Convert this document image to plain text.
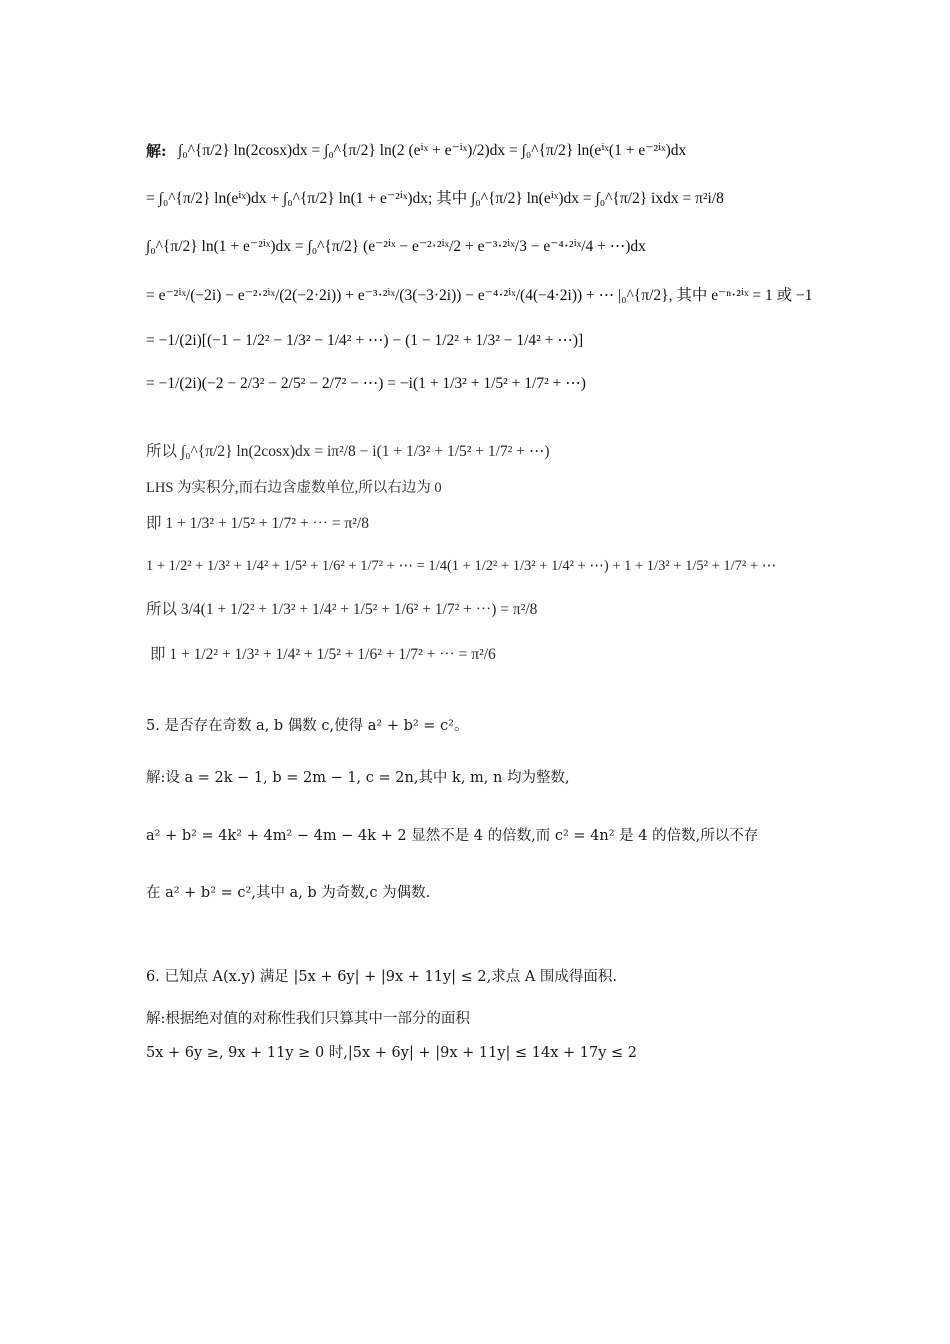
解: ∫₀^{π/2} ln(2cosx)dx = ∫₀^{π/2} ln(2 (eⁱˣ + e⁻ⁱˣ)/2)dx = ∫₀^{π/2} ln(eⁱˣ(1 + e⁻²ⁱˣ)dx
= ∫₀^{π/2} ln(eⁱˣ)dx + ∫₀^{π/2} ln(1 + e⁻²ⁱˣ)dx; 其中 ∫₀^{π/2} ln(eⁱˣ)dx = ∫₀^{π/2} ixdx = π²i/8
∫₀^{π/2} ln(1 + e⁻²ⁱˣ)dx = ∫₀^{π/2} (e⁻²ⁱˣ − e⁻²·²ⁱˣ/2 + e⁻³·²ⁱˣ/3 − e⁻⁴·²ⁱˣ/4 + ⋯)dx
= e⁻²ⁱˣ/(−2i) − e⁻²·²ⁱˣ/(2(−2·2i)) + e⁻³·²ⁱˣ/(3(−3·2i)) − e⁻⁴·²ⁱˣ/(4(−4·2i)) + ⋯ |₀^{π/2}, 其中 e⁻ⁿ·²ⁱˣ = 1 或 −1
= −1/(2i)[(−1 − 1/2² − 1/3² − 1/4² + ⋯) − (1 − 1/2² + 1/3² − 1/4² + ⋯)]
= −1/(2i)(−2 − 2/3² − 2/5² − 2/7² − ⋯) = −i(1 + 1/3² + 1/5² + 1/7² + ⋯)
所以 ∫₀^{π/2} ln(2cosx)dx = iπ²/8 − i(1 + 1/3² + 1/5² + 1/7² + ⋯)
LHS 为实积分,而右边含虚数单位,所以右边为 0
即 1 + 1/3² + 1/5² + 1/7² + ⋯ = π²/8
1 + 1/2² + 1/3² + 1/4² + 1/5² + 1/6² + 1/7² + ⋯ = 1/4(1 + 1/2² + 1/3² + 1/4² + ⋯) + 1 + 1/3² + 1/5² + 1/7² + ⋯
所以 3/4(1 + 1/2² + 1/3² + 1/4² + 1/5² + 1/6² + 1/7² + ⋯) = π²/8
即 1 + 1/2² + 1/3² + 1/4² + 1/5² + 1/6² + 1/7² + ⋯ = π²/6
5. 是否存在奇数 a, b 偶数 c,使得 a² + b² = c²。
解:设 a = 2k − 1, b = 2m − 1, c = 2n,其中 k, m, n 均为整数,
a² + b² = 4k² + 4m² − 4m − 4k + 2 显然不是 4 的倍数,而 c² = 4n² 是 4 的倍数,所以不存
在 a² + b² = c²,其中 a, b 为奇数,c 为偶数.
6. 已知点 A(x.y) 满足 |5x + 6y| + |9x + 11y| ≤ 2,求点 A 围成得面积.
解:根据绝对值的对称性我们只算其中一部分的面积
5x + 6y ≥, 9x + 11y ≥ 0 时,|5x + 6y| + |9x + 11y| ≤ 14x + 17y ≤ 2
